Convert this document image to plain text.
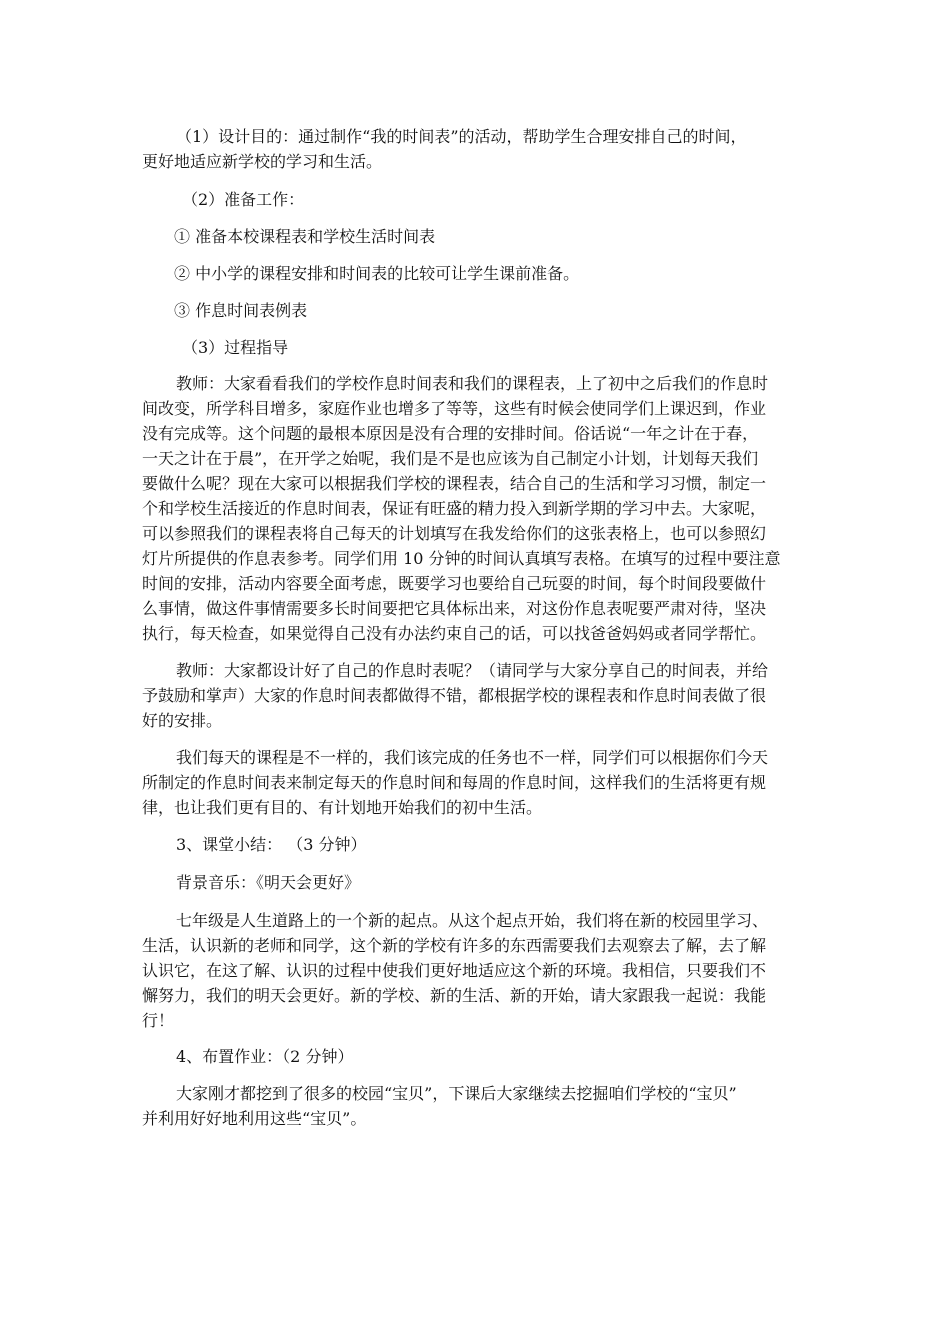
（1）设计目的：通过制作“我的时间表”的活动，帮助学生合理安排自己的时间，
更好地适应新学校的学习和生活。
（2）准备工作：
① 准备本校课程表和学校生活时间表
② 中小学的课程安排和时间表的比较可让学生课前准备。
③ 作息时间表例表
（3）过程指导
教师：大家看看我们的学校作息时间表和我们的课程表，上了初中之后我们的作息时
间改变，所学科目增多，家庭作业也增多了等等，这些有时候会使同学们上课迟到，作业
没有完成等。这个问题的最根本原因是没有合理的安排时间。俗话说“一年之计在于春，
一天之计在于晨”，在开学之始呢，我们是不是也应该为自己制定小计划，计划每天我们
要做什么呢？现在大家可以根据我们学校的课程表，结合自己的生活和学习习惯，制定一
个和学校生活接近的作息时间表，保证有旺盛的精力投入到新学期的学习中去。大家呢，
可以参照我们的课程表将自己每天的计划填写在我发给你们的这张表格上，也可以参照幻
灯片所提供的作息表参考。同学们用 10 分钟的时间认真填写表格。在填写的过程中要注意
时间的安排，活动内容要全面考虑，既要学习也要给自己玩耍的时间，每个时间段要做什
么事情，做这件事情需要多长时间要把它具体标出来，对这份作息表呢要严肃对待，坚决
执行，每天检查，如果觉得自己没有办法约束自己的话，可以找爸爸妈妈或者同学帮忙。
教师：大家都设计好了自己的作息时表呢？（请同学与大家分享自己的时间表，并给
予鼓励和掌声）大家的作息时间表都做得不错，都根据学校的课程表和作息时间表做了很
好的安排。
我们每天的课程是不一样的，我们该完成的任务也不一样，同学们可以根据你们今天
所制定的作息时间表来制定每天的作息时间和每周的作息时间，这样我们的生活将更有规
律，也让我们更有目的、有计划地开始我们的初中生活。
3、课堂小结： （3 分钟）
背景音乐：《明天会更好》
七年级是人生道路上的一个新的起点。从这个起点开始，我们将在新的校园里学习、
生活，认识新的老师和同学，这个新的学校有许多的东西需要我们去观察去了解，去了解
认识它，在这了解、认识的过程中使我们更好地适应这个新的环境。我相信，只要我们不
懈努力，我们的明天会更好。新的学校、新的生活、新的开始，请大家跟我一起说：我能
行！
4、布置作业：（2 分钟）
大家刚才都挖到了很多的校园“宝贝”，下课后大家继续去挖掘咱们学校的“宝贝”
并利用好好地利用这些“宝贝”。
